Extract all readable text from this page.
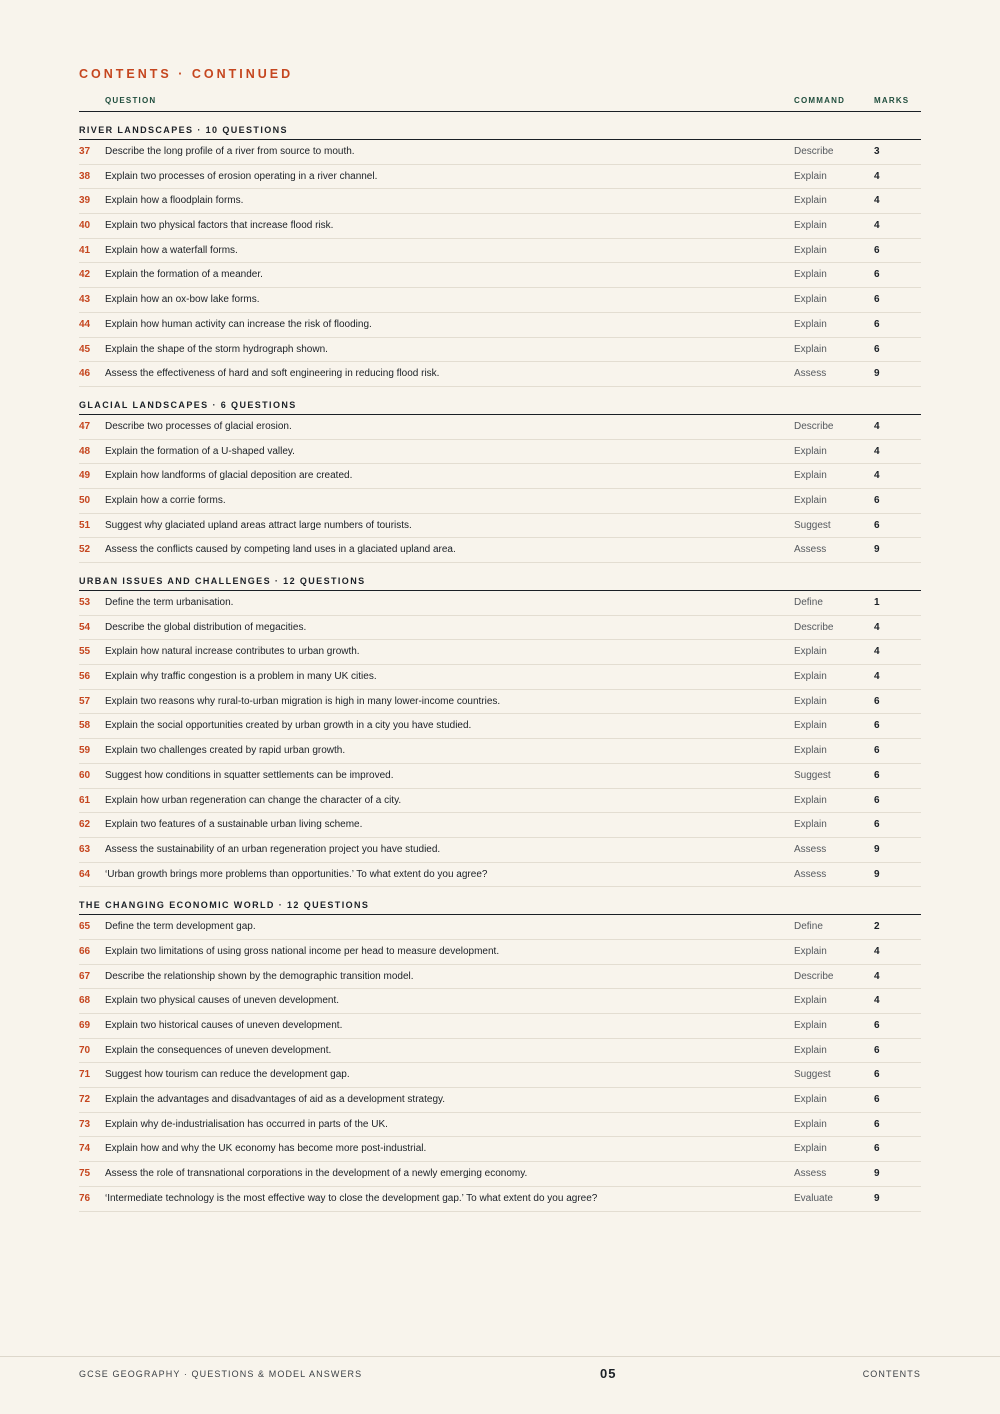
CONTENTS · CONTINUED
QUESTION	COMMAND	MARKS
RIVER LANDSCAPES · 10 QUESTIONS
37 Describe the long profile of a river from source to mouth.	Describe	3
38 Explain two processes of erosion operating in a river channel.	Explain	4
39 Explain how a floodplain forms.	Explain	4
40 Explain two physical factors that increase flood risk.	Explain	4
41 Explain how a waterfall forms.	Explain	6
42 Explain the formation of a meander.	Explain	6
43 Explain how an ox-bow lake forms.	Explain	6
44 Explain how human activity can increase the risk of flooding.	Explain	6
45 Explain the shape of the storm hydrograph shown.	Explain	6
46 Assess the effectiveness of hard and soft engineering in reducing flood risk.	Assess	9
GLACIAL LANDSCAPES · 6 QUESTIONS
47 Describe two processes of glacial erosion.	Describe	4
48 Explain the formation of a U-shaped valley.	Explain	4
49 Explain how landforms of glacial deposition are created.	Explain	4
50 Explain how a corrie forms.	Explain	6
51 Suggest why glaciated upland areas attract large numbers of tourists.	Suggest	6
52 Assess the conflicts caused by competing land uses in a glaciated upland area.	Assess	9
URBAN ISSUES AND CHALLENGES · 12 QUESTIONS
53 Define the term urbanisation.	Define	1
54 Describe the global distribution of megacities.	Describe	4
55 Explain how natural increase contributes to urban growth.	Explain	4
56 Explain why traffic congestion is a problem in many UK cities.	Explain	4
57 Explain two reasons why rural-to-urban migration is high in many lower-income countries.	Explain	6
58 Explain the social opportunities created by urban growth in a city you have studied.	Explain	6
59 Explain two challenges created by rapid urban growth.	Explain	6
60 Suggest how conditions in squatter settlements can be improved.	Suggest	6
61 Explain how urban regeneration can change the character of a city.	Explain	6
62 Explain two features of a sustainable urban living scheme.	Explain	6
63 Assess the sustainability of an urban regeneration project you have studied.	Assess	9
64 ‘Urban growth brings more problems than opportunities.’ To what extent do you agree?	Assess	9
THE CHANGING ECONOMIC WORLD · 12 QUESTIONS
65 Define the term development gap.	Define	2
66 Explain two limitations of using gross national income per head to measure development.	Explain	4
67 Describe the relationship shown by the demographic transition model.	Describe	4
68 Explain two physical causes of uneven development.	Explain	4
69 Explain two historical causes of uneven development.	Explain	6
70 Explain the consequences of uneven development.	Explain	6
71 Suggest how tourism can reduce the development gap.	Suggest	6
72 Explain the advantages and disadvantages of aid as a development strategy.	Explain	6
73 Explain why de-industrialisation has occurred in parts of the UK.	Explain	6
74 Explain how and why the UK economy has become more post-industrial.	Explain	6
75 Assess the role of transnational corporations in the development of a newly emerging economy.	Assess	9
76 ‘Intermediate technology is the most effective way to close the development gap.’ To what extent do you agree?	Evaluate	9
GCSE GEOGRAPHY · QUESTIONS & MODEL ANSWERS	05	CONTENTS
